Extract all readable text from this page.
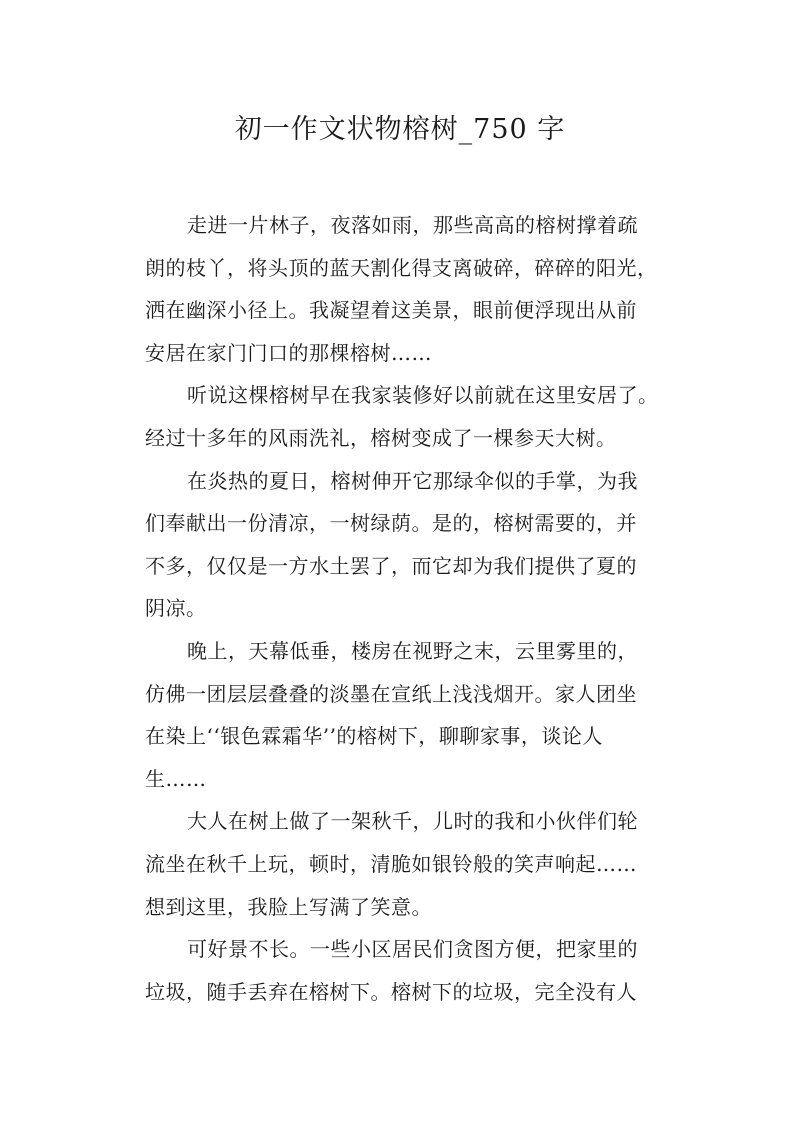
初一作文状物榕树_750 字
走进一片林子，夜落如雨，那些高高的榕树撑着疏
朗的枝丫，将头顶的蓝天割化得支离破碎，碎碎的阳光，
洒在幽深小径上。我凝望着这美景，眼前便浮现出从前
安居在家门门口的那棵榕树……
听说这棵榕树早在我家装修好以前就在这里安居了。
经过十多年的风雨洗礼，榕树变成了一棵参天大树。
在炎热的夏日，榕树伸开它那绿伞似的手掌，为我
们奉献出一份清凉，一树绿荫。是的，榕树需要的，并
不多，仅仅是一方水土罢了，而它却为我们提供了夏的
阴凉。
晚上，天幕低垂，楼房在视野之末，云里雾里的，
仿佛一团层层叠叠的淡墨在宣纸上浅浅烟开。家人团坐
在染上‘‘银色霖霜华’’的榕树下，聊聊家事，谈论人
生……
大人在树上做了一架秋千，儿时的我和小伙伴们轮
流坐在秋千上玩，顿时，清脆如银铃般的笑声响起……
想到这里，我脸上写满了笑意。
可好景不长。一些小区居民们贪图方便，把家里的
垃圾，随手丢弃在榕树下。榕树下的垃圾，完全没有人
